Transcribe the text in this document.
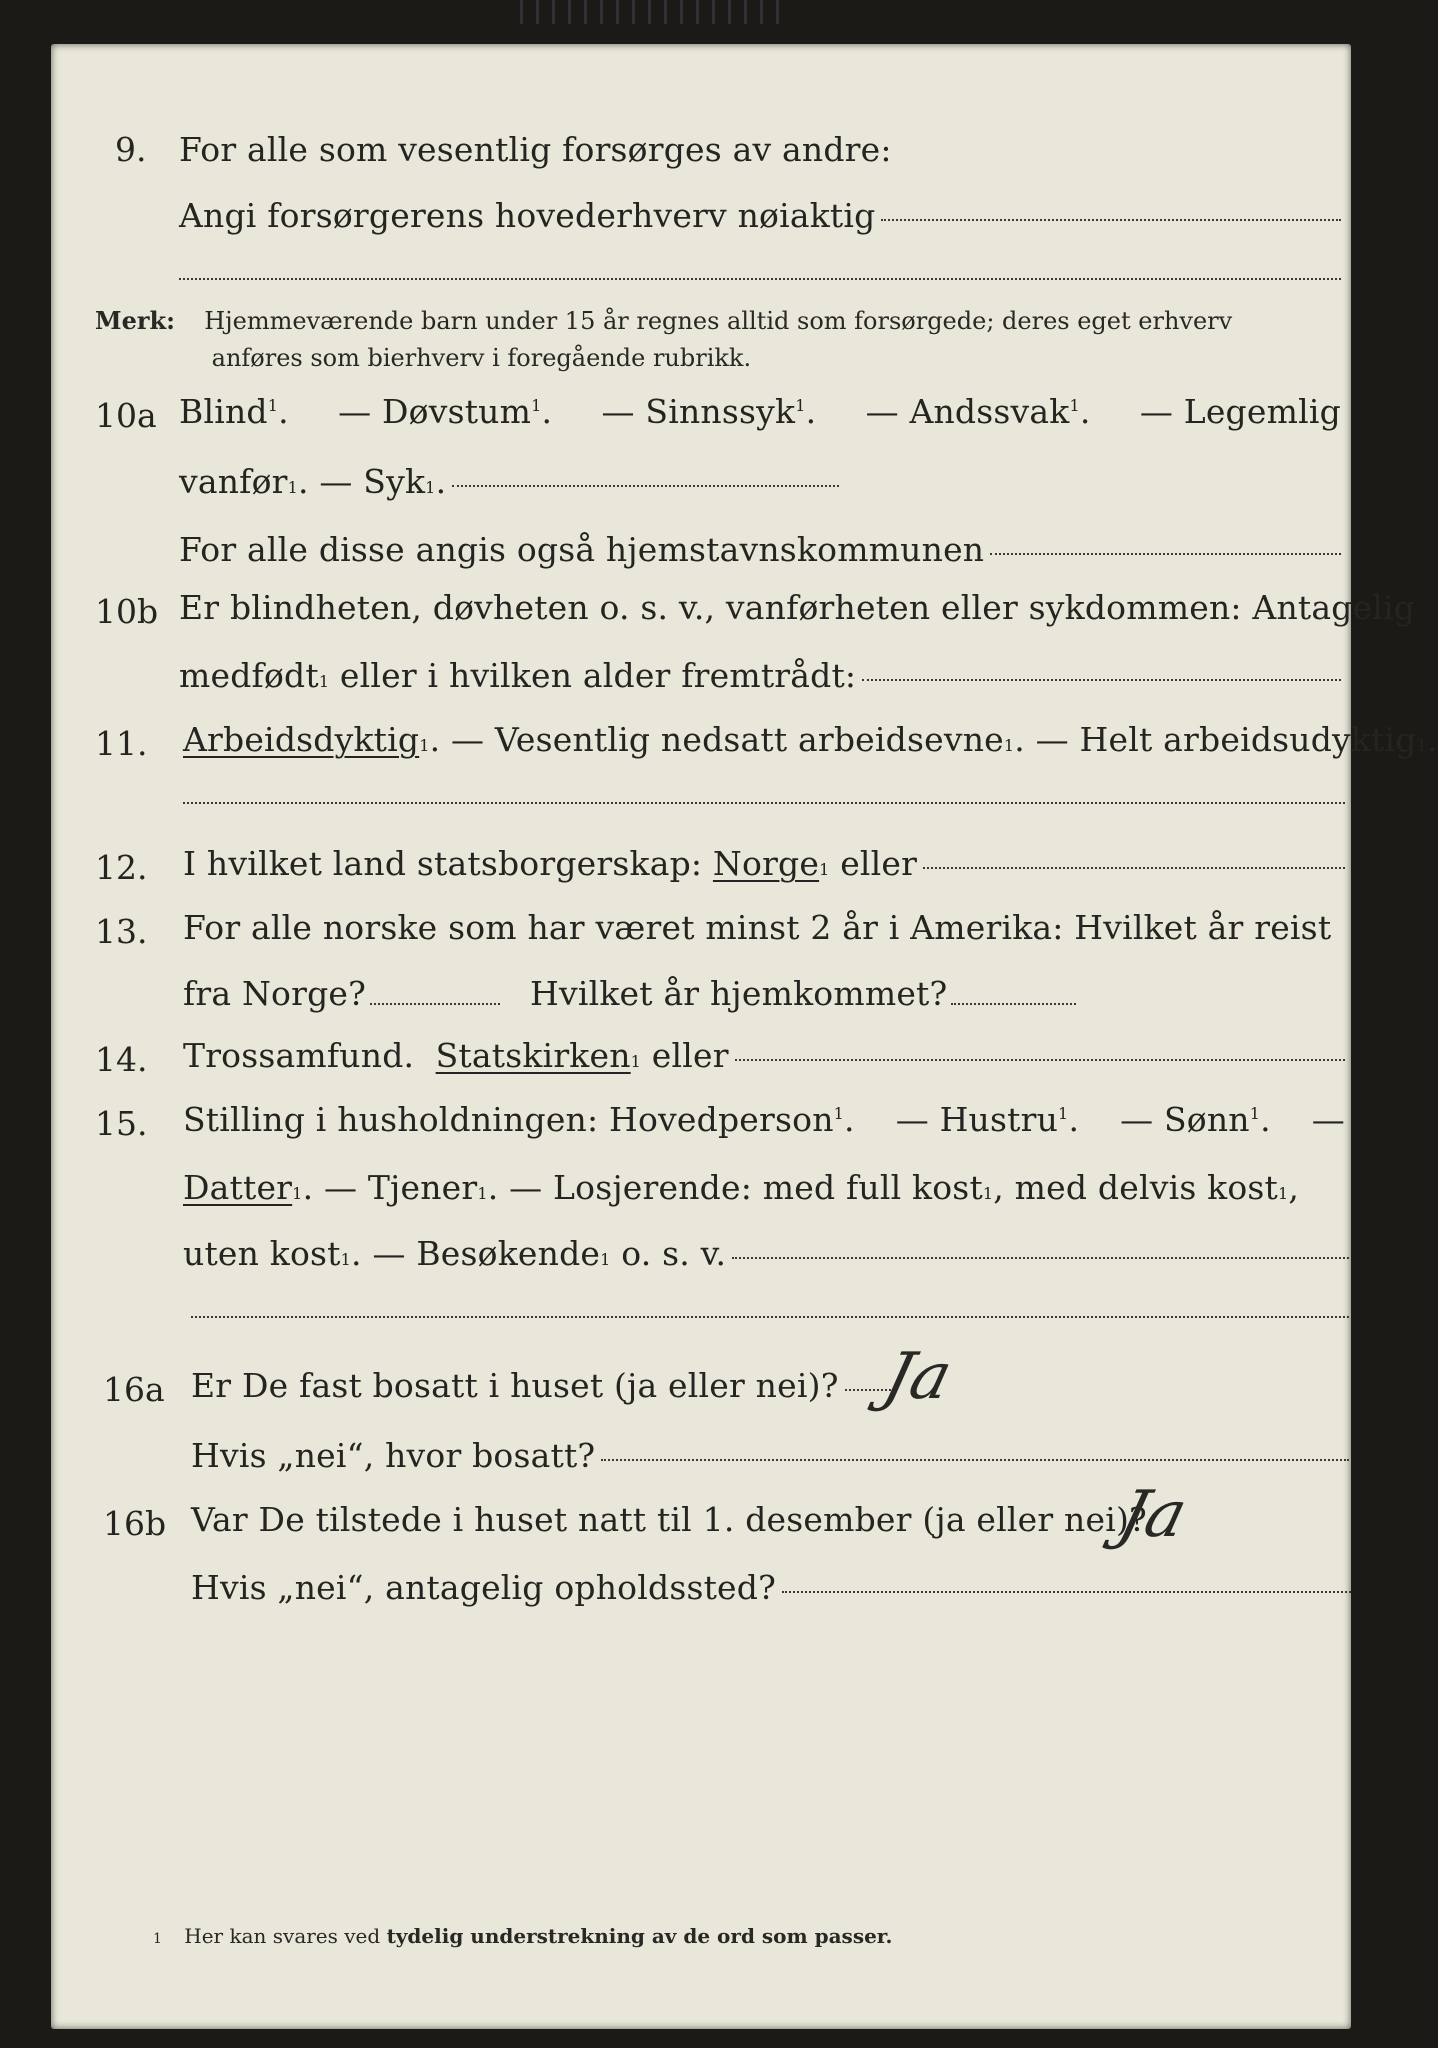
9. For alle som vesentlig forsørges av andre:
Angi forsørgerens hovederhverv nøiaktig
Merk: Hjemmeværende barn under 15 år regnes alltid som forsørgede; deres eget erhverv
anføres som bierhverv i foregående rubrikk.
10a Blind$^1$. — Døvstum$^1$. — Sinnssyk$^1$. — Andssvak$^1$. — Legemlig
vanfør 1 . — Syk 1 .
For alle disse angis også hjemstavnskommunen
10b Er blindheten, døvheten o. s. v., vanførheten eller sykdommen: Antagelig
medfødt 1
eller i hvilken alder fremtrådt:
11. Arbeidsdyktig 1 . — Vesentlig nedsatt arbeidsevne 1 . — Helt arbeidsudyktig 1 .
12. I hvilket land statsborgerskap:
Norge 1
eller
13. For alle norske som har været minst 2 år i Amerika: Hvilket år reist
fra Norge?	Hvilket år hjemkommet?
14. Trossamfund.
Statskirken 1
eller
15. Stilling i husholdningen: Hovedperson$^1$. — Hustru$^1$. — Sønn$^1$. —
Datter 1 . — Tjener 1 . — Losjerende: med full kost 1 , med delvis kost 1 ,
uten kost 1 . — Besøkende 1
o. s. v.
16a Er De fast bosatt i huset (ja eller nei)? Ja
Hvis „nei“, hvor bosatt?
16b Var De tilstede i huset natt til 1. desember (ja eller nei)?
Ja
Hvis „nei“, antagelig opholdssted?
1 Her kan svares ved tydelig understrekning av de ord som passer.
